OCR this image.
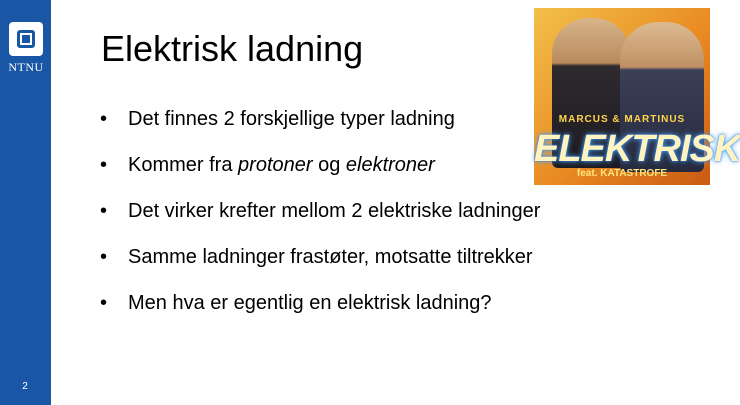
NTNU
2
Elektrisk ladning
•	Det finnes 2 forskjellige typer ladning
•	Kommer fra protoner og elektroner
•	Det virker krefter mellom 2 elektriske ladninger
•	Samme ladninger frastøter, motsatte tiltrekker
•	Men hva er egentlig en elektrisk ladning?
MARCUS & MARTINUS
ELEKTRISK
feat. KATASTROFE
